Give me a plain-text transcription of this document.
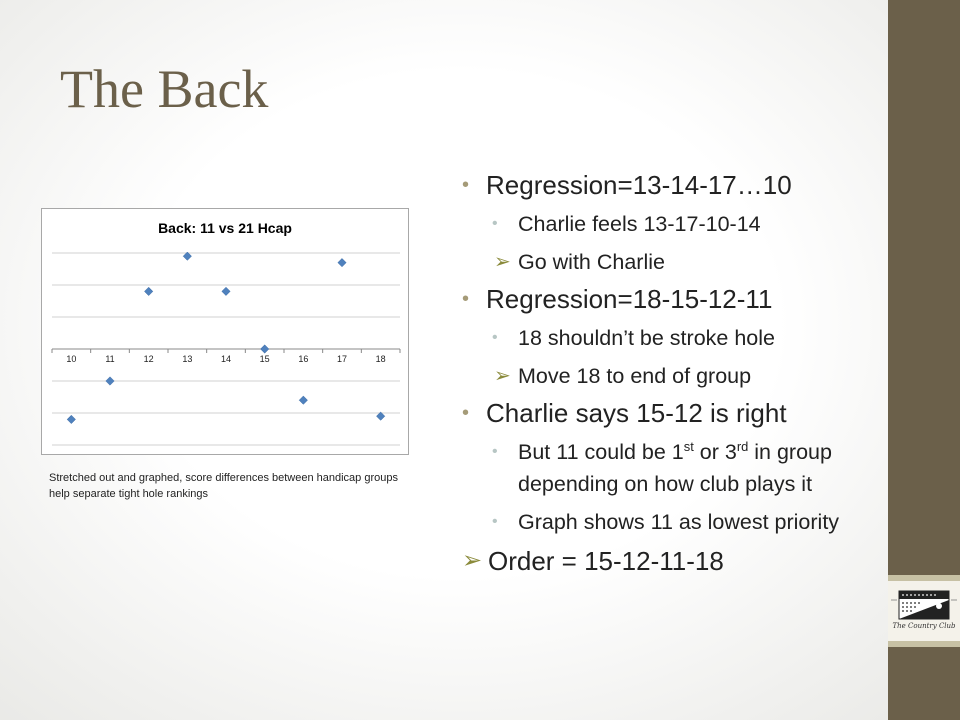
The Country Club
The Back
Back: 11 vs 21 Hcap
10	11	12	13	14	15	16	17	18
Stretched out and graphed, score differences between handicap groups help separate tight hole rankings
• Regression=13-14-17…10
• Charlie feels 13-17-10-14
➢ Go with Charlie
• Regression=18-15-12-11
• 18 shouldn’t be stroke hole
➢ Move 18 to end of group
• Charlie says 15-12 is right
• But 11 could be 1st or 3rd in group depending on how club plays it
• Graph shows 11 as lowest priority
➢ Order = 15-12-11-18
